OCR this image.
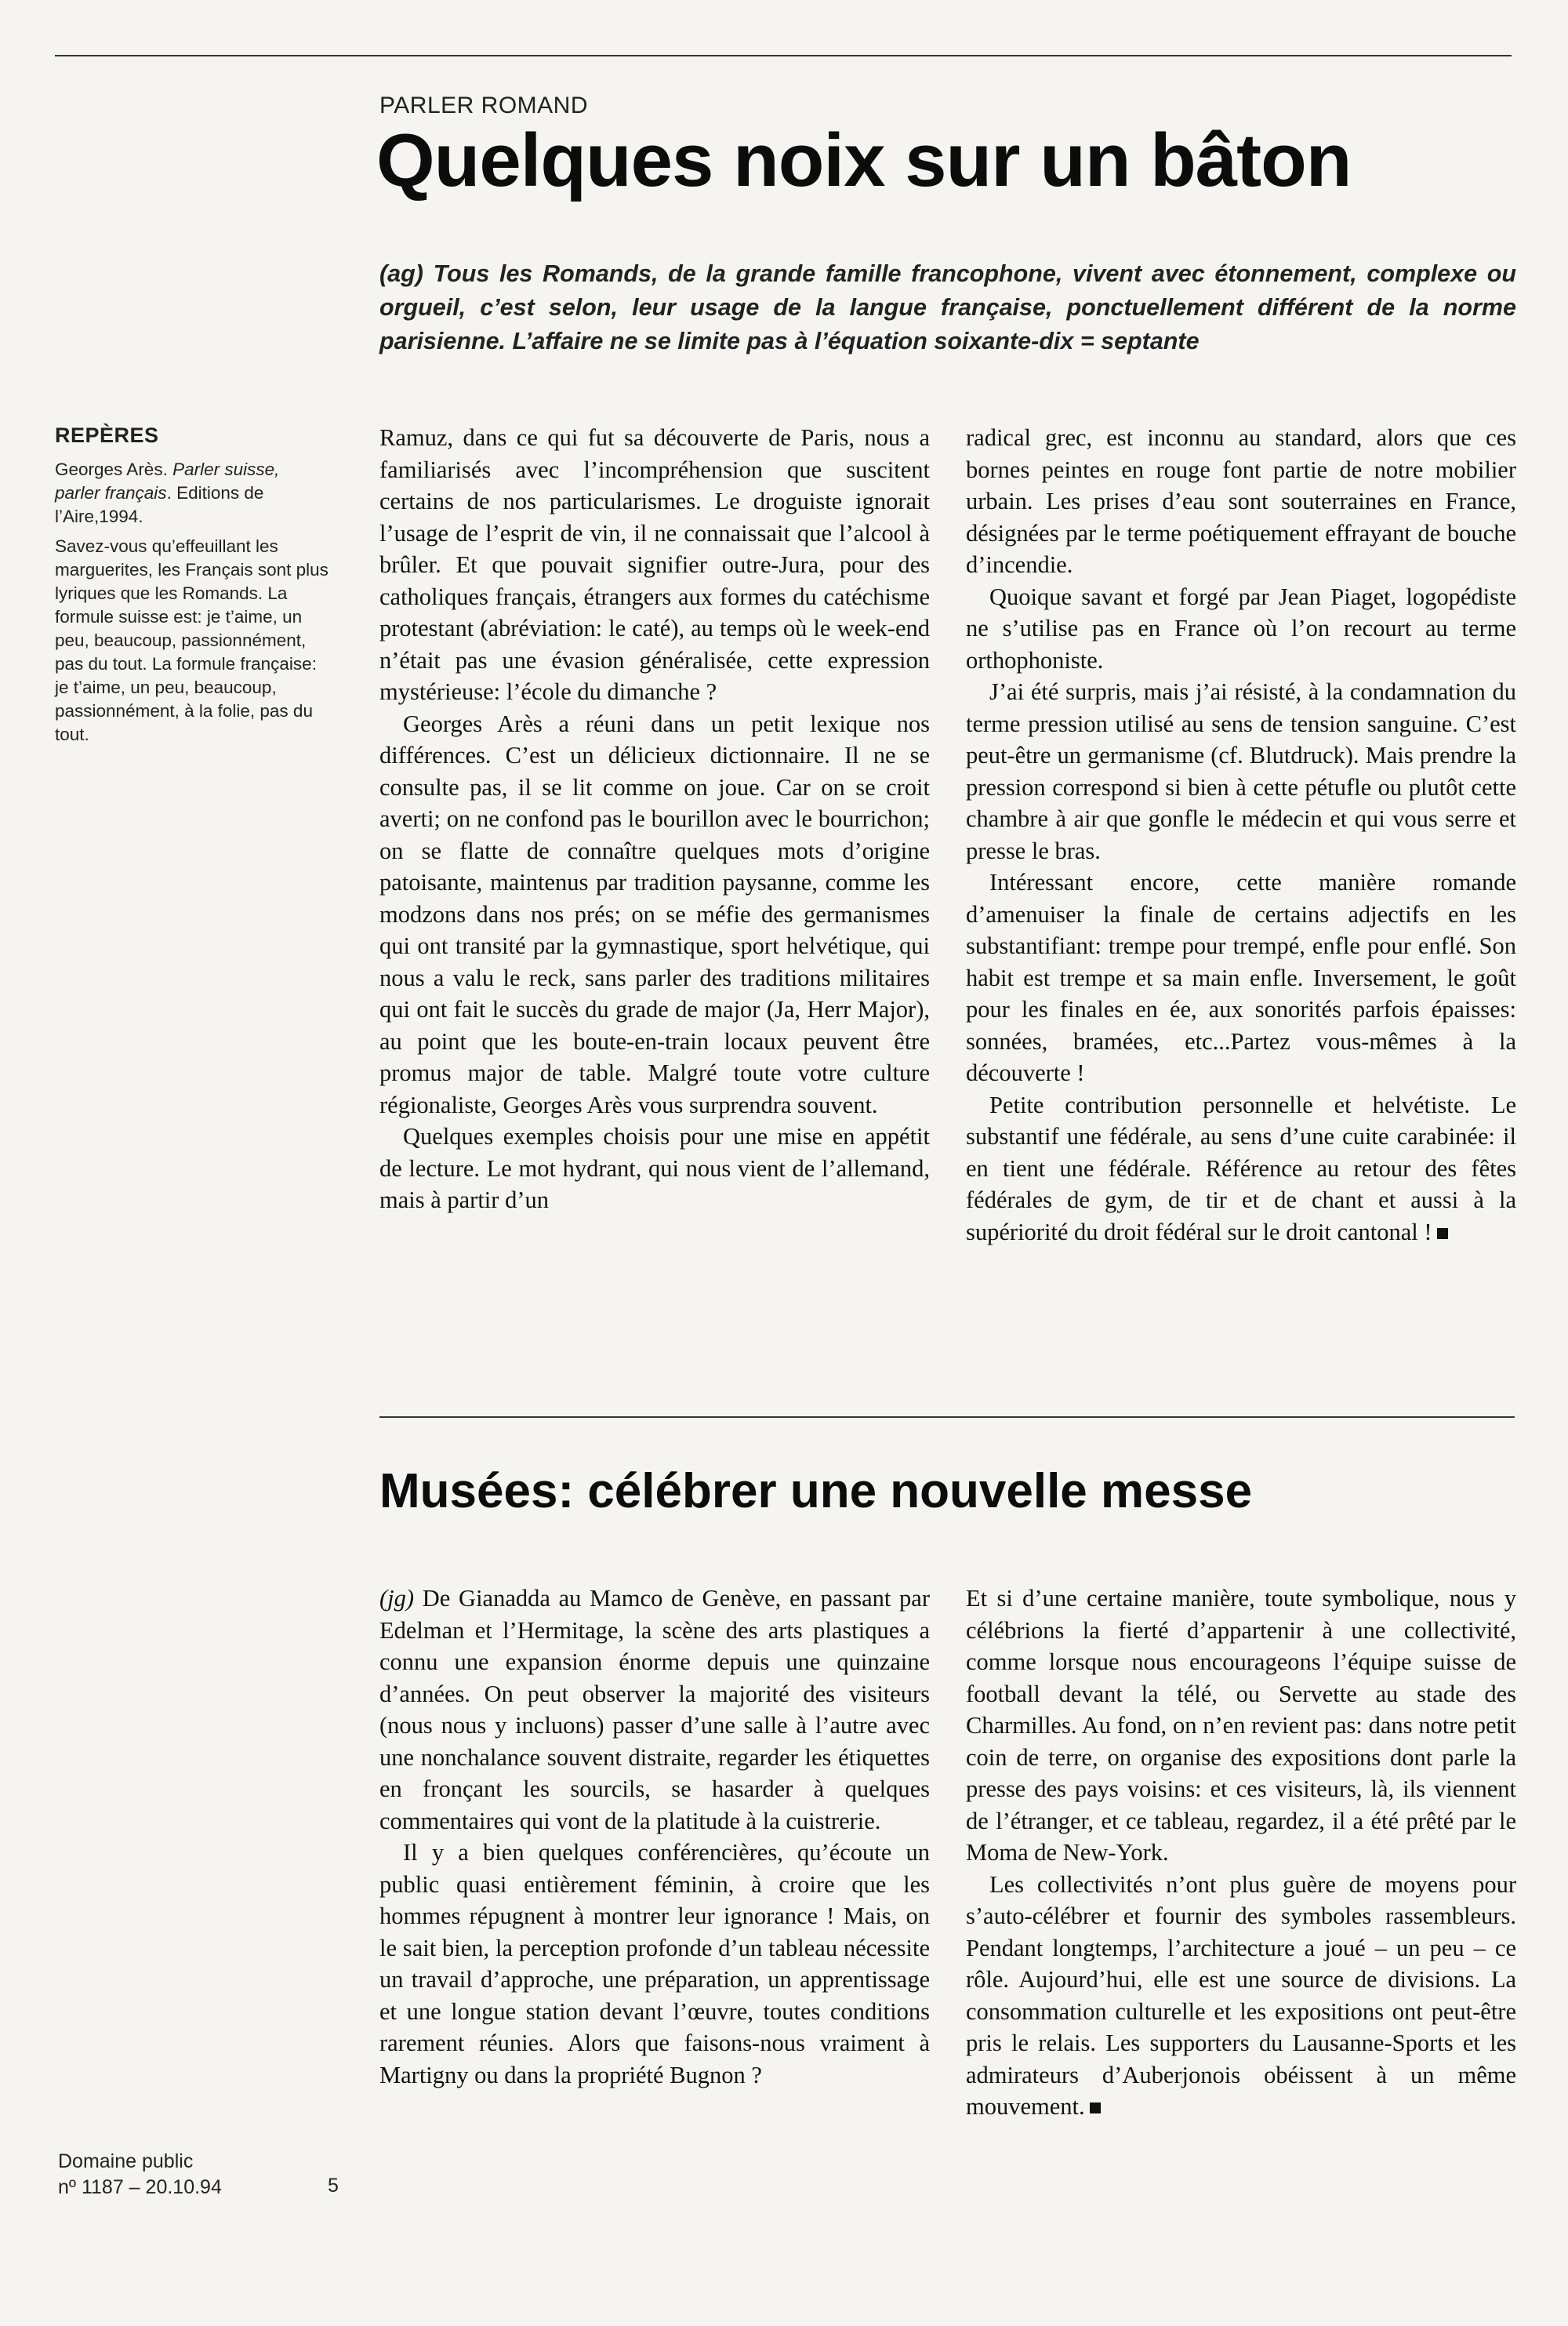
PARLER ROMAND
Quelques noix sur un bâton
(ag) Tous les Romands, de la grande famille francophone, vivent avec étonnement, complexe ou orgueil, c’est selon, leur usage de la langue française, ponctuellement différent de la norme parisienne. L’affaire ne se limite pas à l’équation soixante-dix = septante
REPÈRES

Georges Arès. Parler suisse, parler français. Editions de l’Aire,1994.

Savez-vous qu’effeuillant les marguerites, les Français sont plus lyriques que les Romands. La formule suisse est: je t’aime, un peu, beaucoup, passionnément, pas du tout. La formule française: je t’aime, un peu, beaucoup, passionnément, à la folie, pas du tout.

Ramuz, dans ce qui fut sa découverte de Paris, nous a familiarisés avec l’incompréhension que suscitent certains de nos particularismes. Le droguiste ignorait l’usage de l’esprit de vin, il ne connaissait que l’alcool à brûler. Et que pouvait signifier outre-Jura, pour des catholiques français, étrangers aux formes du catéchisme protestant (abréviation: le caté), au temps où le week-end n’était pas une évasion généralisée, cette expression mystérieuse: l’école du dimanche ?

Georges Arès a réuni dans un petit lexique nos différences. C’est un délicieux dictionnaire. Il ne se consulte pas, il se lit comme on joue. Car on se croit averti; on ne confond pas le bourillon avec le bourrichon; on se flatte de connaître quelques mots d’origine patoisante, maintenus par tradition paysanne, comme les modzons dans nos prés; on se méfie des germanismes qui ont transité par la gymnastique, sport helvétique, qui nous a valu le reck, sans parler des traditions militaires qui ont fait le succès du grade de major (Ja, Herr Major), au point que les boute-en-train locaux peuvent être promus major de table. Malgré toute votre culture régionaliste, Georges Arès vous surprendra souvent.

Quelques exemples choisis pour une mise en appétit de lecture. Le mot hydrant, qui nous vient de l’allemand, mais à partir d’un

radical grec, est inconnu au standard, alors que ces bornes peintes en rouge font partie de notre mobilier urbain. Les prises d’eau sont souterraines en France, désignées par le terme poétiquement effrayant de bouche d’incendie.

Quoique savant et forgé par Jean Piaget, logopédiste ne s’utilise pas en France où l’on recourt au terme orthophoniste.

J’ai été surpris, mais j’ai résisté, à la condamnation du terme pression utilisé au sens de tension sanguine. C’est peut-être un germanisme (cf. Blutdruck). Mais prendre la pression correspond si bien à cette pétufle ou plutôt cette chambre à air que gonfle le médecin et qui vous serre et presse le bras.

Intéressant encore, cette manière romande d’amenuiser la finale de certains adjectifs en les substantifiant: trempe pour trempé, enfle pour enflé. Son habit est trempe et sa main enfle. Inversement, le goût pour les finales en ée, aux sonorités parfois épaisses: sonnées, bramées, etc...Partez vous-mêmes à la découverte !

Petite contribution personnelle et helvétiste. Le substantif une fédérale, au sens d’une cuite carabinée: il en tient une fédérale. Référence au retour des fêtes fédérales de gym, de tir et de chant et aussi à la supériorité du droit fédéral sur le droit cantonal !

Musées: célébrer une nouvelle messe

(jg) De Gianadda au Mamco de Genève, en passant par Edelman et l’Hermitage, la scène des arts plastiques a connu une expansion énorme depuis une quinzaine d’années. On peut observer la majorité des visiteurs (nous nous y incluons) passer d’une salle à l’autre avec une nonchalance souvent distraite, regarder les étiquettes en fronçant les sourcils, se hasarder à quelques commentaires qui vont de la platitude à la cuistrerie.

Il y a bien quelques conférencières, qu’écoute un public quasi entièrement féminin, à croire que les hommes répugnent à montrer leur ignorance ! Mais, on le sait bien, la perception profonde d’un tableau nécessite un travail d’approche, une préparation, un apprentissage et une longue station devant l’œuvre, toutes conditions rarement réunies. Alors que faisons-nous vraiment à Martigny ou dans la propriété Bugnon ?

Et si d’une certaine manière, toute symbolique, nous y célébrions la fierté d’appartenir à une collectivité, comme lorsque nous encourageons l’équipe suisse de football devant la télé, ou Servette au stade des Charmilles. Au fond, on n’en revient pas: dans notre petit coin de terre, on organise des expositions dont parle la presse des pays voisins: et ces visiteurs, là, ils viennent de l’étranger, et ce tableau, regardez, il a été prêté par le Moma de New-York.

Les collectivités n’ont plus guère de moyens pour s’auto-célébrer et fournir des symboles rassembleurs. Pendant longtemps, l’architecture a joué – un peu – ce rôle. Aujourd’hui, elle est une source de divisions. La consommation culturelle et les expositions ont peut-être pris le relais. Les supporters du Lausanne-Sports et les admirateurs d’Auberjonois obéissent à un même mouvement.

Domaine public
nº 1187 – 20.10.94	5
